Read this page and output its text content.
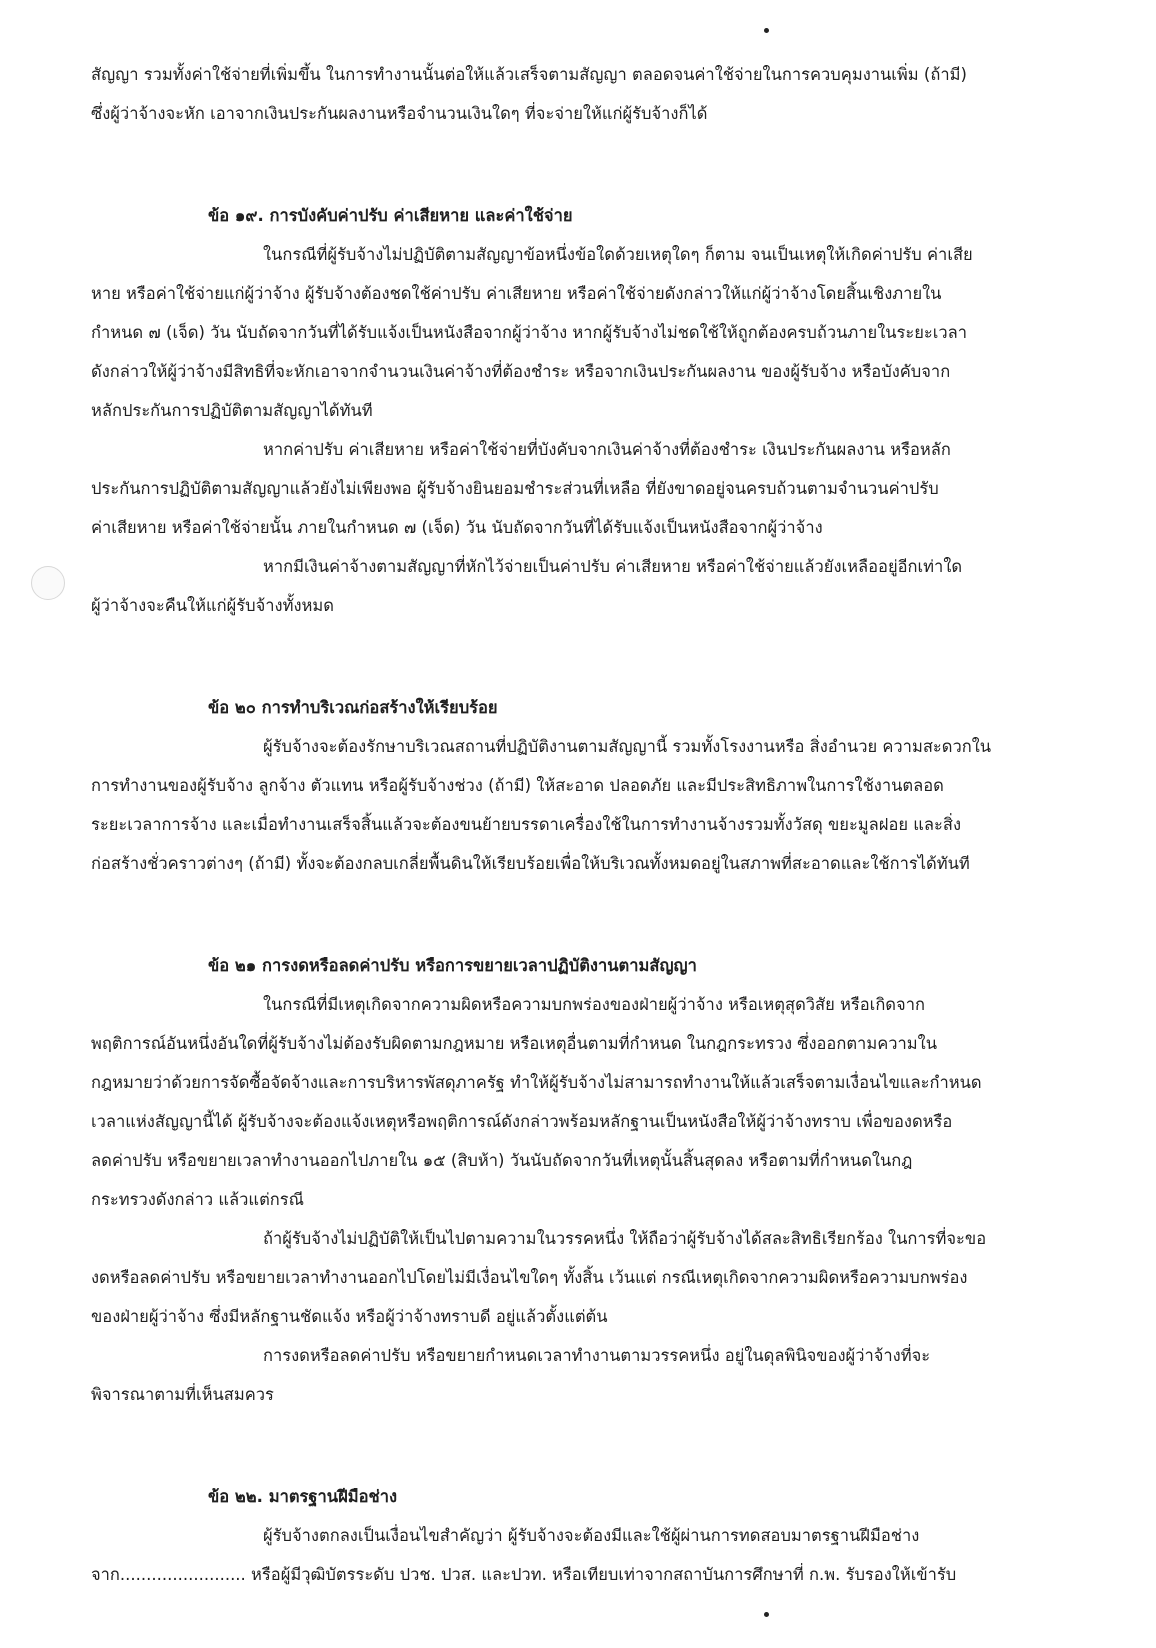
สัญญา รวมทั้งค่าใช้จ่ายที่เพิ่มขึ้น ในการทำงานนั้นต่อให้แล้วเสร็จตามสัญญา ตลอดจนค่าใช้จ่ายในการควบคุมงานเพิ่ม (ถ้ามี)
ซึ่งผู้ว่าจ้างจะหัก เอาจากเงินประกันผลงานหรือจำนวนเงินใดๆ ที่จะจ่ายให้แก่ผู้รับจ้างก็ได้
ข้อ ๑๙. การบังคับค่าปรับ ค่าเสียหาย และค่าใช้จ่าย
ในกรณีที่ผู้รับจ้างไม่ปฏิบัติตามสัญญาข้อหนึ่งข้อใดด้วยเหตุใดๆ ก็ตาม จนเป็นเหตุให้เกิดค่าปรับ ค่าเสีย
หาย หรือค่าใช้จ่ายแก่ผู้ว่าจ้าง ผู้รับจ้างต้องชดใช้ค่าปรับ ค่าเสียหาย หรือค่าใช้จ่ายดังกล่าวให้แก่ผู้ว่าจ้างโดยสิ้นเชิงภายใน
กำหนด ๗ (เจ็ด) วัน นับถัดจากวันที่ได้รับแจ้งเป็นหนังสือจากผู้ว่าจ้าง หากผู้รับจ้างไม่ชดใช้ให้ถูกต้องครบถ้วนภายในระยะเวลา
ดังกล่าวให้ผู้ว่าจ้างมีสิทธิที่จะหักเอาจากจำนวนเงินค่าจ้างที่ต้องชำระ หรือจากเงินประกันผลงาน ของผู้รับจ้าง หรือบังคับจาก
หลักประกันการปฏิบัติตามสัญญาได้ทันที
หากค่าปรับ ค่าเสียหาย หรือค่าใช้จ่ายที่บังคับจากเงินค่าจ้างที่ต้องชำระ เงินประกันผลงาน หรือหลัก
ประกันการปฏิบัติตามสัญญาแล้วยังไม่เพียงพอ ผู้รับจ้างยินยอมชำระส่วนที่เหลือ ที่ยังขาดอยู่จนครบถ้วนตามจำนวนค่าปรับ
ค่าเสียหาย หรือค่าใช้จ่ายนั้น ภายในกำหนด ๗ (เจ็ด) วัน นับถัดจากวันที่ได้รับแจ้งเป็นหนังสือจากผู้ว่าจ้าง
หากมีเงินค่าจ้างตามสัญญาที่หักไว้จ่ายเป็นค่าปรับ ค่าเสียหาย หรือค่าใช้จ่ายแล้วยังเหลืออยู่อีกเท่าใด
ผู้ว่าจ้างจะคืนให้แก่ผู้รับจ้างทั้งหมด
ข้อ ๒๐ การทำบริเวณก่อสร้างให้เรียบร้อย
ผู้รับจ้างจะต้องรักษาบริเวณสถานที่ปฏิบัติงานตามสัญญานี้ รวมทั้งโรงงานหรือ สิ่งอำนวย ความสะดวกใน
การทำงานของผู้รับจ้าง ลูกจ้าง ตัวแทน หรือผู้รับจ้างช่วง (ถ้ามี) ให้สะอาด ปลอดภัย และมีประสิทธิภาพในการใช้งานตลอด
ระยะเวลาการจ้าง และเมื่อทำงานเสร็จสิ้นแล้วจะต้องขนย้ายบรรดาเครื่องใช้ในการทำงานจ้างรวมทั้งวัสดุ ขยะมูลฝอย และสิ่ง
ก่อสร้างชั่วคราวต่างๆ (ถ้ามี) ทั้งจะต้องกลบเกลี่ยพื้นดินให้เรียบร้อยเพื่อให้บริเวณทั้งหมดอยู่ในสภาพที่สะอาดและใช้การได้ทันที
ข้อ ๒๑ การงดหรือลดค่าปรับ หรือการขยายเวลาปฏิบัติงานตามสัญญา
ในกรณีที่มีเหตุเกิดจากความผิดหรือความบกพร่องของฝ่ายผู้ว่าจ้าง หรือเหตุสุดวิสัย หรือเกิดจาก
พฤติการณ์อันหนึ่งอันใดที่ผู้รับจ้างไม่ต้องรับผิดตามกฎหมาย หรือเหตุอื่นตามที่กำหนด ในกฎกระทรวง ซึ่งออกตามความใน
กฎหมายว่าด้วยการจัดซื้อจัดจ้างและการบริหารพัสดุภาครัฐ ทำให้ผู้รับจ้างไม่สามารถทำงานให้แล้วเสร็จตามเงื่อนไขและกำหนด
เวลาแห่งสัญญานี้ได้ ผู้รับจ้างจะต้องแจ้งเหตุหรือพฤติการณ์ดังกล่าวพร้อมหลักฐานเป็นหนังสือให้ผู้ว่าจ้างทราบ เพื่อของดหรือ
ลดค่าปรับ หรือขยายเวลาทำงานออกไปภายใน ๑๕ (สิบห้า) วันนับถัดจากวันที่เหตุนั้นสิ้นสุดลง หรือตามที่กำหนดในกฎ
กระทรวงดังกล่าว แล้วแต่กรณี
ถ้าผู้รับจ้างไม่ปฏิบัติให้เป็นไปตามความในวรรคหนึ่ง ให้ถือว่าผู้รับจ้างได้สละสิทธิเรียกร้อง ในการที่จะขอ
งดหรือลดค่าปรับ หรือขยายเวลาทำงานออกไปโดยไม่มีเงื่อนไขใดๆ ทั้งสิ้น เว้นแต่ กรณีเหตุเกิดจากความผิดหรือความบกพร่อง
ของฝ่ายผู้ว่าจ้าง ซึ่งมีหลักฐานชัดแจ้ง หรือผู้ว่าจ้างทราบดี อยู่แล้วตั้งแต่ต้น
การงดหรือลดค่าปรับ หรือขยายกำหนดเวลาทำงานตามวรรคหนึ่ง อยู่ในดุลพินิจของผู้ว่าจ้างที่จะ
พิจารณาตามที่เห็นสมควร
ข้อ ๒๒. มาตรฐานฝีมือช่าง
ผู้รับจ้างตกลงเป็นเงื่อนไขสำคัญว่า ผู้รับจ้างจะต้องมีและใช้ผู้ผ่านการทดสอบมาตรฐานฝีมือช่าง
จาก........................ หรือผู้มีวุฒิบัตรระดับ ปวช. ปวส. และปวท. หรือเทียบเท่าจากสถาบันการศึกษาที่ ก.พ. รับรองให้เข้ารับ
